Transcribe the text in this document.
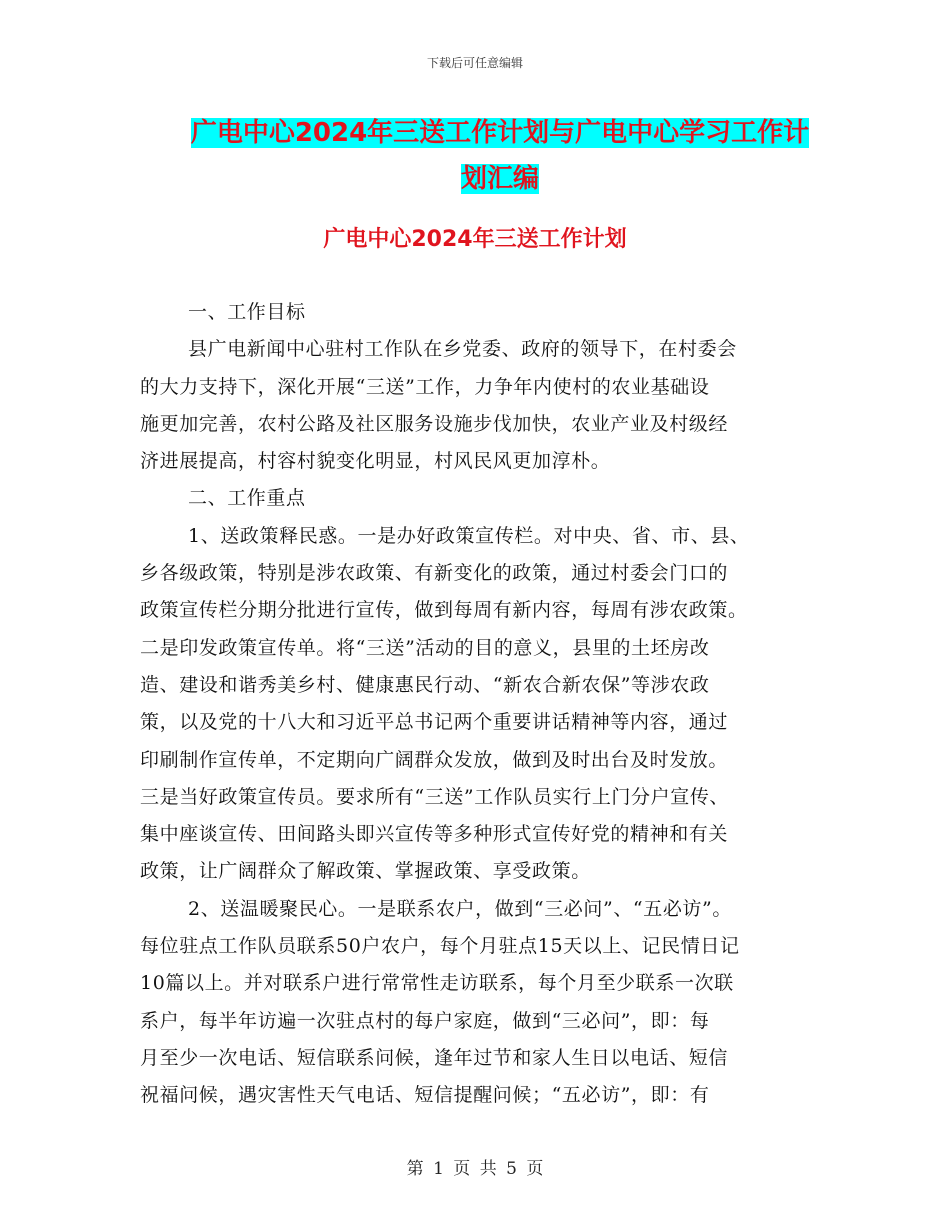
下载后可任意编辑
广电中心2024年三送工作计划与广电中心学习工作计
划汇编
广电中心2024年三送工作计划
一、工作目标
县广电新闻中心驻村工作队在乡党委、政府的领导下，在村委会
的大力支持下，深化开展“三送”工作，力争年内使村的农业基础设
施更加完善，农村公路及社区服务设施步伐加快，农业产业及村级经
济进展提高，村容村貌变化明显，村风民风更加淳朴。
二、工作重点
1、送政策释民惑。一是办好政策宣传栏。对中央、省、市、县、
乡各级政策，特别是涉农政策、有新变化的政策，通过村委会门口的
政策宣传栏分期分批进行宣传，做到每周有新内容，每周有涉农政策。
二是印发政策宣传单。将“三送”活动的目的意义，县里的土坯房改
造、建设和谐秀美乡村、健康惠民行动、“新农合新农保”等涉农政
策，以及党的十八大和习近平总书记两个重要讲话精神等内容，通过
印刷制作宣传单，不定期向广阔群众发放，做到及时出台及时发放。
三是当好政策宣传员。要求所有“三送”工作队员实行上门分户宣传、
集中座谈宣传、田间路头即兴宣传等多种形式宣传好党的精神和有关
政策，让广阔群众了解政策、掌握政策、享受政策。
2、送温暖聚民心。一是联系农户，做到“三必问”、“五必访”。
每位驻点工作队员联系50户农户，每个月驻点15天以上、记民情日记
10篇以上。并对联系户进行常常性走访联系，每个月至少联系一次联
系户，每半年访遍一次驻点村的每户家庭，做到“三必问”，即：每
月至少一次电话、短信联系问候，逢年过节和家人生日以电话、短信
祝福问候，遇灾害性天气电话、短信提醒问候；“五必访”，即：有
第 1 页 共 5 页
